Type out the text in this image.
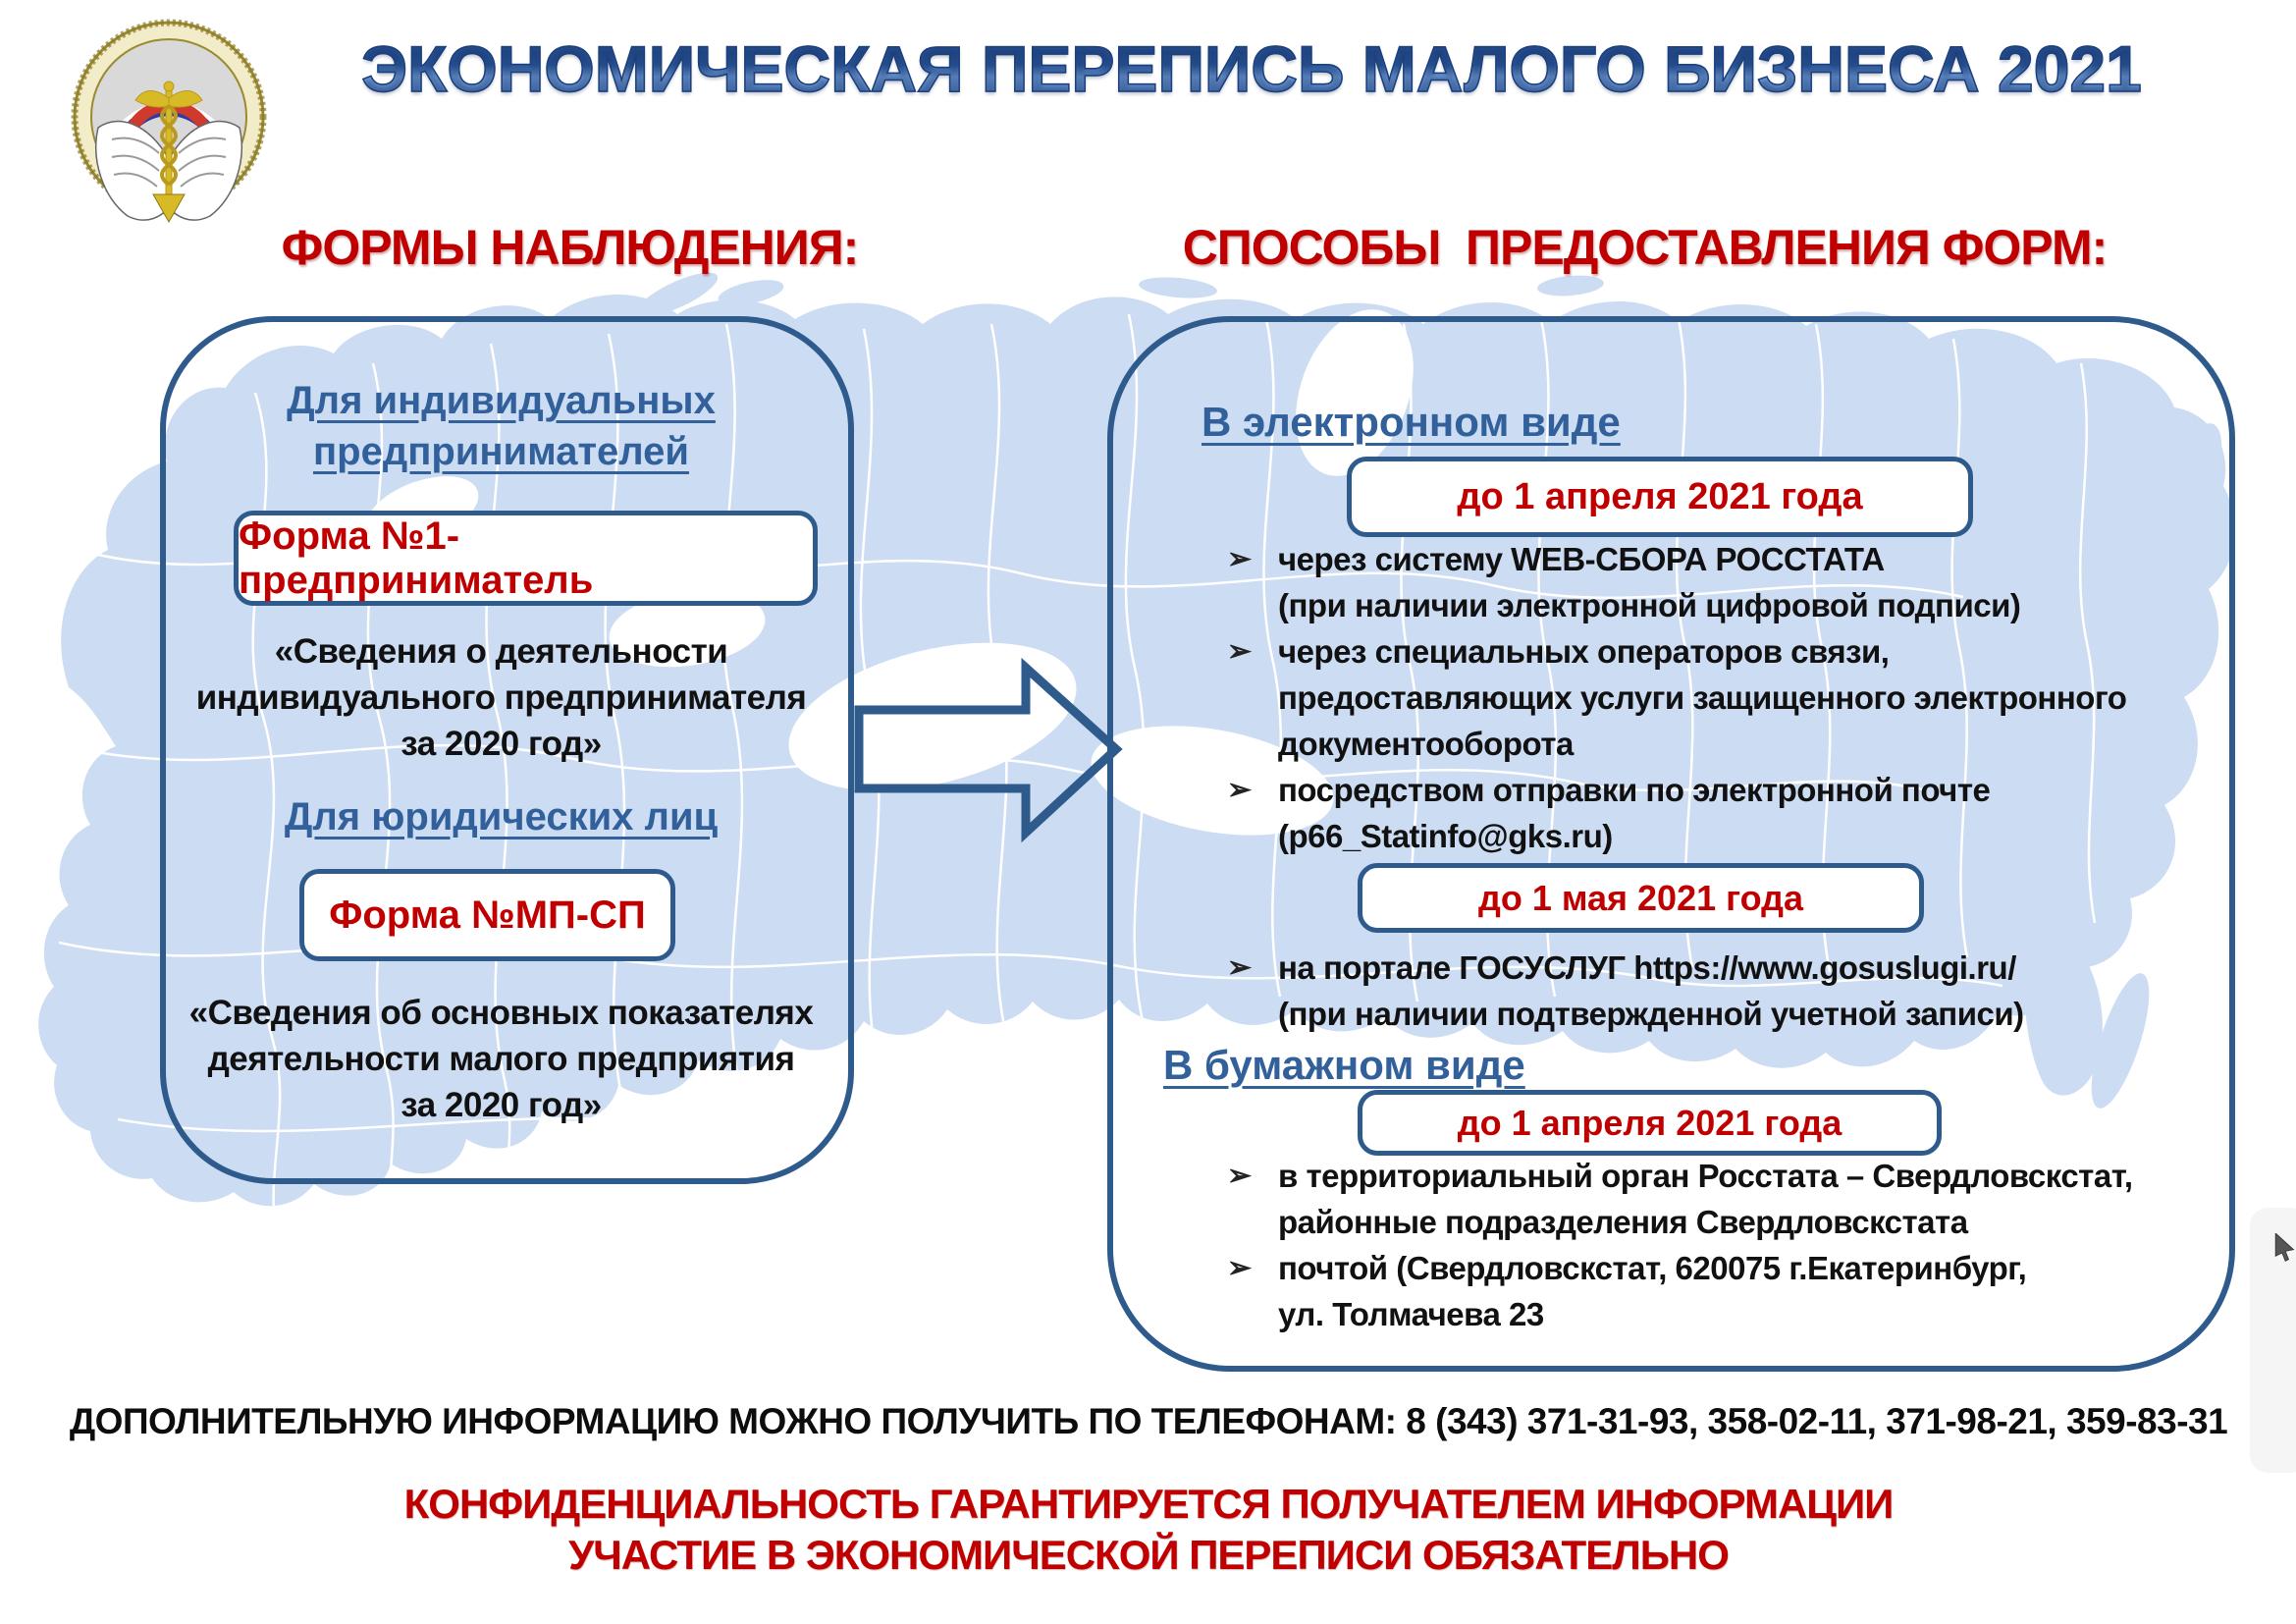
ЭКОНОМИЧЕСКАЯ ПЕРЕПИСЬ МАЛОГО БИЗНЕСА 2021
ФОРМЫ НАБЛЮДЕНИЯ:	СПОСОБЫ  ПРЕДОСТАВЛЕНИЯ ФОРМ:
Для индивидуальных предпринимателей
Форма №1-предприниматель
«Сведения о деятельности
индивидуального предпринимателя
за 2020 год»
Для юридических лиц
Форма №МП-СП
«Сведения об основных показателях
деятельности малого предприятия
за 2020 год»
В электронном виде
до 1 апреля 2021 года
➢ через систему WEB-СБОРА РОССТАТА
(при наличии электронной цифровой подписи)
➢ через специальных операторов связи,
предоставляющих услуги защищенного электронного
документооборота
➢ посредством отправки по электронной почте
(p66_Statinfo@gks.ru)
до 1 мая 2021 года
➢ на портале ГОСУСЛУГ https://www.gosuslugi.ru/
(при наличии подтвержденной учетной записи)
В бумажном виде
до 1 апреля 2021 года
➢ в территориальный орган Росстата – Свердловскстат,
районные подразделения Свердловскстата
➢ почтой (Свердловскстат, 620075 г.Екатеринбург,
ул. Толмачева 23
ДОПОЛНИТЕЛЬНУЮ ИНФОРМАЦИЮ МОЖНО ПОЛУЧИТЬ ПО ТЕЛЕФОНАМ: 8 (343) 371-31-93, 358-02-11, 371-98-21, 359-83-31
КОНФИДЕНЦИАЛЬНОСТЬ ГАРАНТИРУЕТСЯ ПОЛУЧАТЕЛЕМ ИНФОРМАЦИИ
УЧАСТИЕ В ЭКОНОМИЧЕСКОЙ ПЕРЕПИСИ ОБЯЗАТЕЛЬНО
